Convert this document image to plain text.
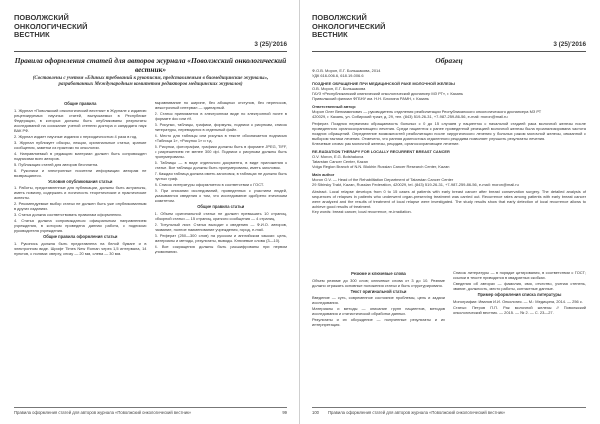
ПОВОЛЖСКИЙ
ОНКОЛОГИЧЕСКИЙ
ВЕСТНИК
3 (25)’2016
Правила оформления статей для авторов журнала «Поволжский онкологический вестник»
(Составлены с учетом «Единых требований к рукописям, представляемым в биомедицинские журналы», разработанных Международным комитетом редакторов медицинских журналов)
Общие правила

1. Журнал «Поволжский онкологический вестник» в Журнале к изданию рецензируемых научных статей, выпускаемых в Республике Федерации, в которых должны быть опубликованы результаты исследований на соискание ученой степени доктора и кандидата наук ВАК РФ.

2. Журнал издает научные издания с периодичностью 4 раза в год.

3. Журнал публикует обзоры, лекции, оригинальные статьи, краткие сообщения, заметки из практики по онкологии.

4. Направляемый в редакцию материал должен быть сопровожден подписями всех авторов.

5. Публикация статей для авторов бесплатна.

6. Рукописи и электронные носители информации авторам не возвращаются.

Условия опубликования статьи

1. Работы, представленные для публикации, должны быть актуальны, иметь новизну, содержать и логичность теоретические и практические аспекты.

2. Рекомендуемые выбор статьи не должен быть уже опубликованным в других изданиях.

3. Статья должна соответствовать правилам оформления.

4. Статья должна сопровождаться официальным направлением учреждения, в котором проведена данная работа, с подписью руководителя учреждения.

Общие правила оформления статьи

1. Рукопись должна быть представлена на белой бумаге и в электронном виде. Шрифт Times New Roman через 1,5 интервала, 14 пунктов, с полями: сверху, снизу — 20 мм, слева — 30 мм.

выравнивание по ширине, без абзацных отступов, без переносов, межстрочный интервал — одинарный.

2. Статья принимается в электронном виде по электронной почте в формате doc или rtf.

3. Рисунки, таблицы, графики, формулы, подписи к рисункам, список литературы, переводятся в отдельный файл.

4. Место для таблицы или рисунка в тексте обозначается подписью «Таблица 1», «Рисунок 1» и т.д.

5. Рисунки, фотографии, графики должны быть в формате JPEG, TIFF, с разрешением не менее 300 dpi. Подписи к рисункам должны быть пронумерованы.

6. Таблицы — в виде отдельного документа, в виде приложения к статье. Все таблицы должны быть пронумерованы, иметь заголовок.

7. Каждая таблица должна иметь заголовок, в таблицах не должно быть пустых граф.

8. Список литературы оформляется в соответствии с ГОСТ.

9. При описании исследований, проведенных с участием людей, указываются сведения о том, что исследование одобрено этическим комитетом.

Общие правила статьи

1. Объем оригинальной статьи не должен превышать 10 страниц, обзорной статьи — 15 страниц, краткого сообщения — 4 страниц.

2. Титульный лист. Статья выходит к сведению — Ф.И.О. авторов, название, полное наименование учреждения, город, e-mail.

3. Реферат (250—300 слов) на русском и английском языках: цель, материалы и методы, результаты, выводы. Ключевые слова (3—10).

4. Все сокращения должны быть расшифрованы при первом упоминании.

Правила оформления статей для авторов журнала «Поволжский онкологический вестник»	99
ПОВОЛЖСКИЙ
ОНКОЛОГИЧЕСКИЙ
ВЕСТНИК
3 (25)’2016
Образец
Ф.О.В. Морон, Е.Г. Большакова, 2014
УДК 616-006.6, 618.19-006.6
ПОЗДНЕЕ ОБРАЩЕНИЕ ПРИ МЕДИЦИНСКОЙ РАКЕ МОЛОЧНОЙ ЖЕЛЕЗЫ
О.В. Морон, Е.Г. Большакова
ГАУЗ «Республиканский клинический онкологический диспансер МЗ РТ», г. Казань
Приволжский филиал ФГБНУ им. Н.Н. Блохина РАМН, г. Казань
Ответственный автор:
Морон Олег Вениаминович — руководитель отделения реабилитации Республиканского онкологического диспансера МЗ РТ
420029, г. Казань, ул. Сибирский тракт, д. 29, тел. (843) 519-26-31, +7-987-259-86-56, e-mail: moron@mail.ru
Реферат. Поздняя первичная обращаемость больных с 0 до 15 случаев у пациенток с начальной стадией рака молочной железы после проведенного органосохраняющего лечения. Среди пациенток с ранее проведенной резекцией молочной железы была проанализирована частота поздних обращений. Определение возможностей реабилитации после хирургического лечения у больных раком молочной железы, связанной с выбором тактики лечения. Отмечено, что ранняя диагностика отдаленного рецидива позволяет улучшить результаты лечения.
Ключевые слова: рак молочной железы, рецидив, органосохраняющее лечение.
RE-RADIATION THERAPY FOR LOCALLY RECURRENT BREAST CANCER
O.V. Moron, E.G. Bolshakova
Tatarstan Cancer Center, Kazan
Volga Region Branch of N.N. Blokhin Russian Cancer Research Center, Kazan
Main author
Moron O.V. — Head of the Rehabilitation Department of Tatarstan Cancer Center
29 Sibirsky Trakt, Kazan, Russian Federation, 420029, tel. (843) 519-26-31, +7-987-259-86-56, e-mail: moron@mail.ru
Abstract. Local relapse develops from 0 to 15 cases at patients with early breast cancer after breast conservation surgery. The detailed analysis of sequences of relapses in patients who underwent organ-preserving treatment was carried out. Recurrence rates among patients with early breast cancer were analyzed and the results of treatment of local relapse were investigated. The study results show that early detection of local recurrence allows to achieve good results of treatment.
Key words: breast cancer, local recurrence, re-irradiation.
Резюме и ключевые слова

Объем резюме до 300 слов; ключевые слова от 3 до 10. Резюме должно отражать основные положения статьи и быть структурировано.

Текст оригинальной статьи

Введение — суть, современное состояние проблемы, цель и задачи исследования.

Материалы и методы — описание групп пациентов, методов исследования и статистической обработки данных.

Результаты и их обсуждение — полученные результаты и их интерпретация.

Список литературы — в порядке цитирования, в соответствии с ГОСТ; ссылки в тексте приводятся в квадратных скобках.

Сведения об авторах — фамилия, имя, отчество, ученая степень, звание, должность, место работы, контактные данные.

Пример оформления списка литературы

Монографии: Иванов И.И. Онкология. — М.: Медицина, 2014. — 256 с.

Статьи: Петров П.П. Рак молочной железы // Поволжский онкологический вестник. — 2015. — № 2. — С. 23—27.

100 Правила оформления статей для авторов журнала «Поволжский онкологический вестник»
